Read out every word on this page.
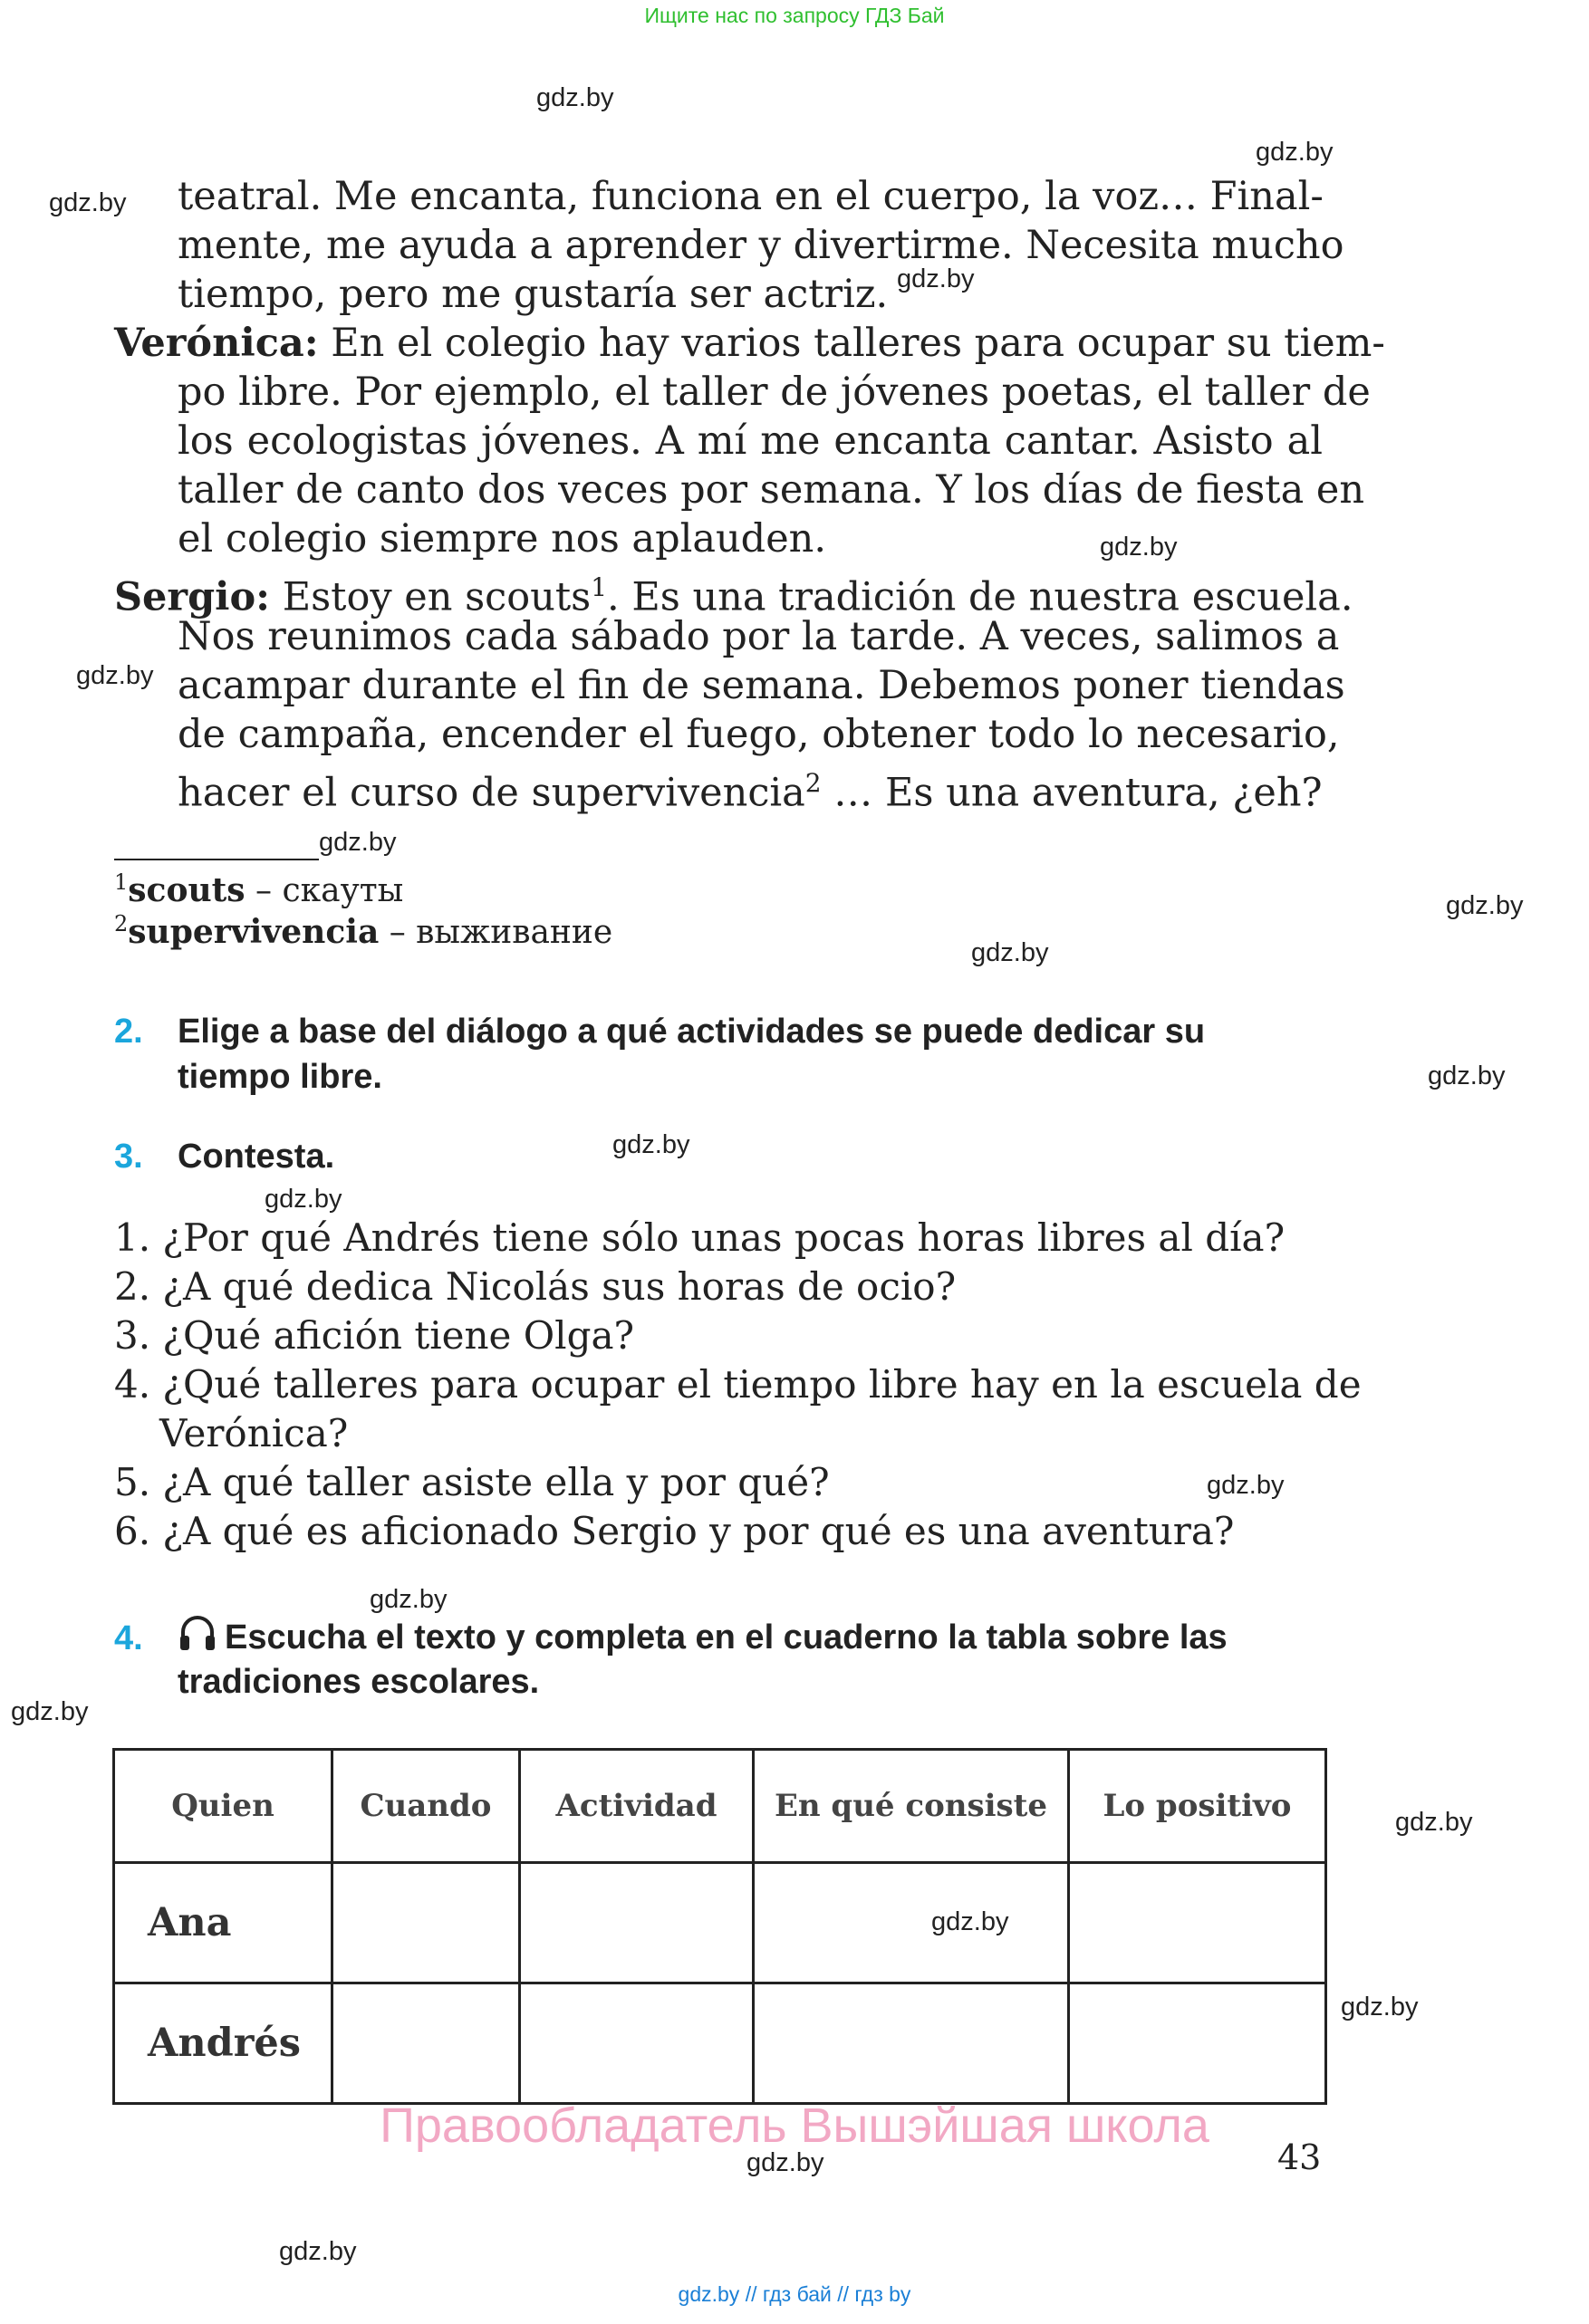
Ищите нас по запросу ГДЗ Бай
gdz.by
gdz.by
gdz.by
gdz.by
gdz.by
gdz.by
gdz.by
gdz.by
gdz.by
gdz.by
gdz.by
gdz.by
gdz.by
gdz.by
gdz.by
gdz.by
gdz.by
gdz.by
gdz.by
gdz.by
teatral. Me encanta, funciona en el cuerpo, la voz… Final-
mente, me ayuda a aprender y divertirme. Necesita mucho
tiempo, pero me gustaría ser actriz.
Verónica: En el colegio hay varios talleres para ocupar su tiem-
po libre. Por ejemplo, el taller de jóvenes poetas, el taller de
los ecologistas jóvenes. A mí me encanta cantar. Asisto al
taller de canto dos veces por semana. Y los días de fiesta en
el colegio siempre nos aplauden.
Sergio: Estoy en scouts$^1$. Es una tradición de nuestra escuela.
Nos reunimos cada sábado por la tarde. A veces, salimos a
acampar durante el fin de semana. Debemos poner tiendas
de campaña, encender el fuego, obtener todo lo necesario,
hacer el curso de supervivencia$^2$ … Es una aventura, ¿eh?
$^1$scouts – скауты
$^2$supervivencia – выживание
2. Elige a base del diálogo a qué actividades se puede dedicar su
tiempo libre.
3. Contesta.
1. ¿Por qué Andrés tiene sólo unas pocas horas libres al día?
2. ¿A qué dedica Nicolás sus horas de ocio?
3. ¿Qué afición tiene Olga?
4. ¿Qué talleres para ocupar el tiempo libre hay en la escuela de
Verónica?
5. ¿A qué taller asiste ella y por qué?
6. ¿A qué es aficionado Sergio y por qué es una aventura?
4.	Escucha el texto y completa en el cuaderno la tabla sobre las
tradiciones escolares.
Quien	Cuando	Actividad	En qué consiste	Lo positivo
Ana				
Andrés				
Правообладатель Вышэйшая школа
43
gdz.by // гдз бай // гдз by
